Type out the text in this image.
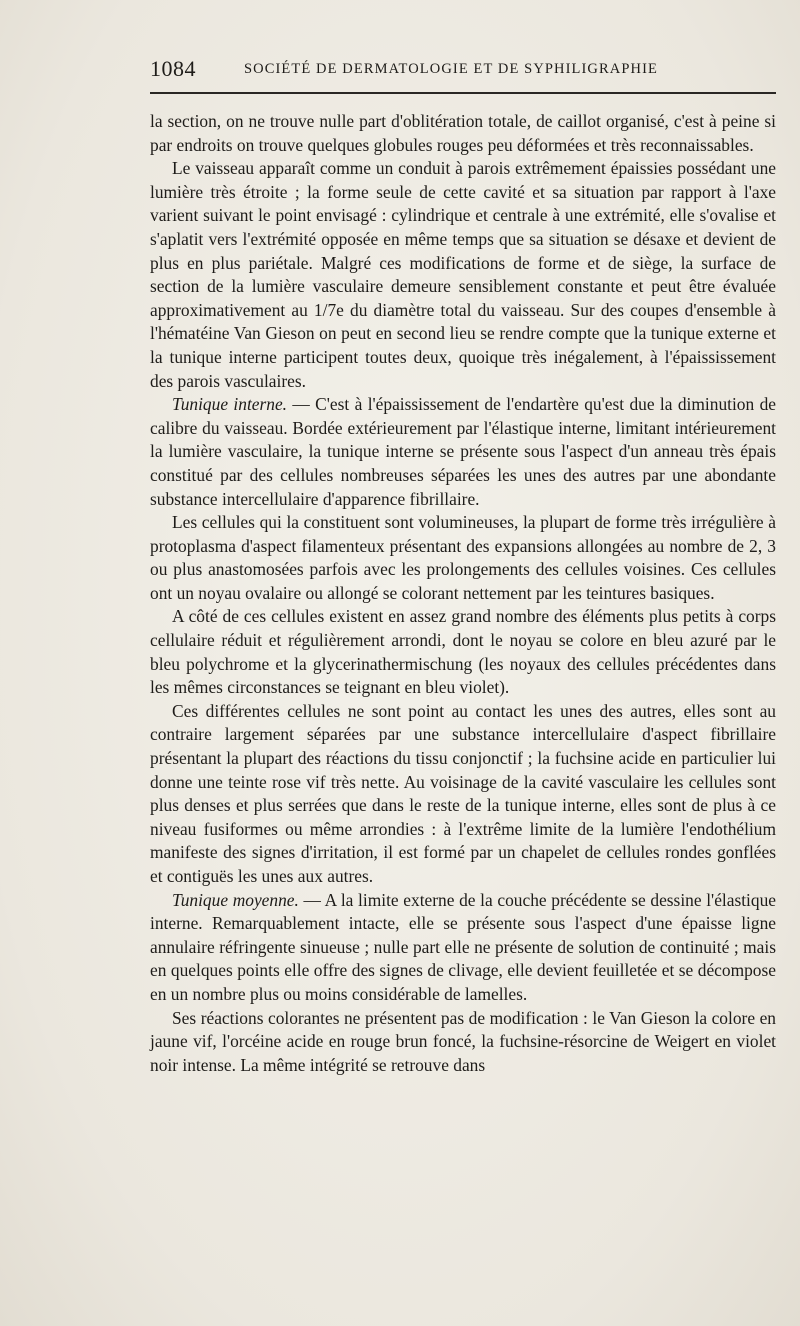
1084	SOCIÉTÉ DE DERMATOLOGIE ET DE SYPHILIGRAPHIE

la section, on ne trouve nulle part d'oblitération totale, de caillot organisé, c'est à peine si par endroits on trouve quelques globules rouges peu déformées et très reconnaissables.

Le vaisseau apparaît comme un conduit à parois extrêmement épaissies possédant une lumière très étroite ; la forme seule de cette cavité et sa situation par rapport à l'axe varient suivant le point envisagé : cylindrique et centrale à une extrémité, elle s'ovalise et s'aplatit vers l'extrémité opposée en même temps que sa situation se désaxe et devient de plus en plus pariétale. Malgré ces modifications de forme et de siège, la surface de section de la lumière vasculaire demeure sensiblement constante et peut être évaluée approximativement au 1/7e du diamètre total du vaisseau. Sur des coupes d'ensemble à l'hématéine Van Gieson on peut en second lieu se rendre compte que la tunique externe et la tunique interne participent toutes deux, quoique très inégalement, à l'épaississement des parois vasculaires.

Tunique interne. — C'est à l'épaississement de l'endartère qu'est due la diminution de calibre du vaisseau. Bordée extérieurement par l'élastique interne, limitant intérieurement la lumière vasculaire, la tunique interne se présente sous l'aspect d'un anneau très épais constitué par des cellules nombreuses séparées les unes des autres par une abondante substance intercellulaire d'apparence fibrillaire.

Les cellules qui la constituent sont volumineuses, la plupart de forme très irrégulière à protoplasma d'aspect filamenteux présentant des expansions allongées au nombre de 2, 3 ou plus anastomosées parfois avec les prolongements des cellules voisines. Ces cellules ont un noyau ovalaire ou allongé se colorant nettement par les teintures basiques.

A côté de ces cellules existent en assez grand nombre des éléments plus petits à corps cellulaire réduit et régulièrement arrondi, dont le noyau se colore en bleu azuré par le bleu polychrome et la glycerinathermischung (les noyaux des cellules précédentes dans les mêmes circonstances se teignant en bleu violet).

Ces différentes cellules ne sont point au contact les unes des autres, elles sont au contraire largement séparées par une substance intercellulaire d'aspect fibrillaire présentant la plupart des réactions du tissu conjonctif ; la fuchsine acide en particulier lui donne une teinte rose vif très nette. Au voisinage de la cavité vasculaire les cellules sont plus denses et plus serrées que dans le reste de la tunique interne, elles sont de plus à ce niveau fusiformes ou même arrondies : à l'extrême limite de la lumière l'endothélium manifeste des signes d'irritation, il est formé par un chapelet de cellules rondes gonflées et contiguës les unes aux autres.

Tunique moyenne. — A la limite externe de la couche précédente se dessine l'élastique interne. Remarquablement intacte, elle se présente sous l'aspect d'une épaisse ligne annulaire réfringente sinueuse ; nulle part elle ne présente de solution de continuité ; mais en quelques points elle offre des signes de clivage, elle devient feuilletée et se décompose en un nombre plus ou moins considérable de lamelles.

Ses réactions colorantes ne présentent pas de modification : le Van Gieson la colore en jaune vif, l'orcéine acide en rouge brun foncé, la fuchsine-résorcine de Weigert en violet noir intense. La même intégrité se retrouve dans
